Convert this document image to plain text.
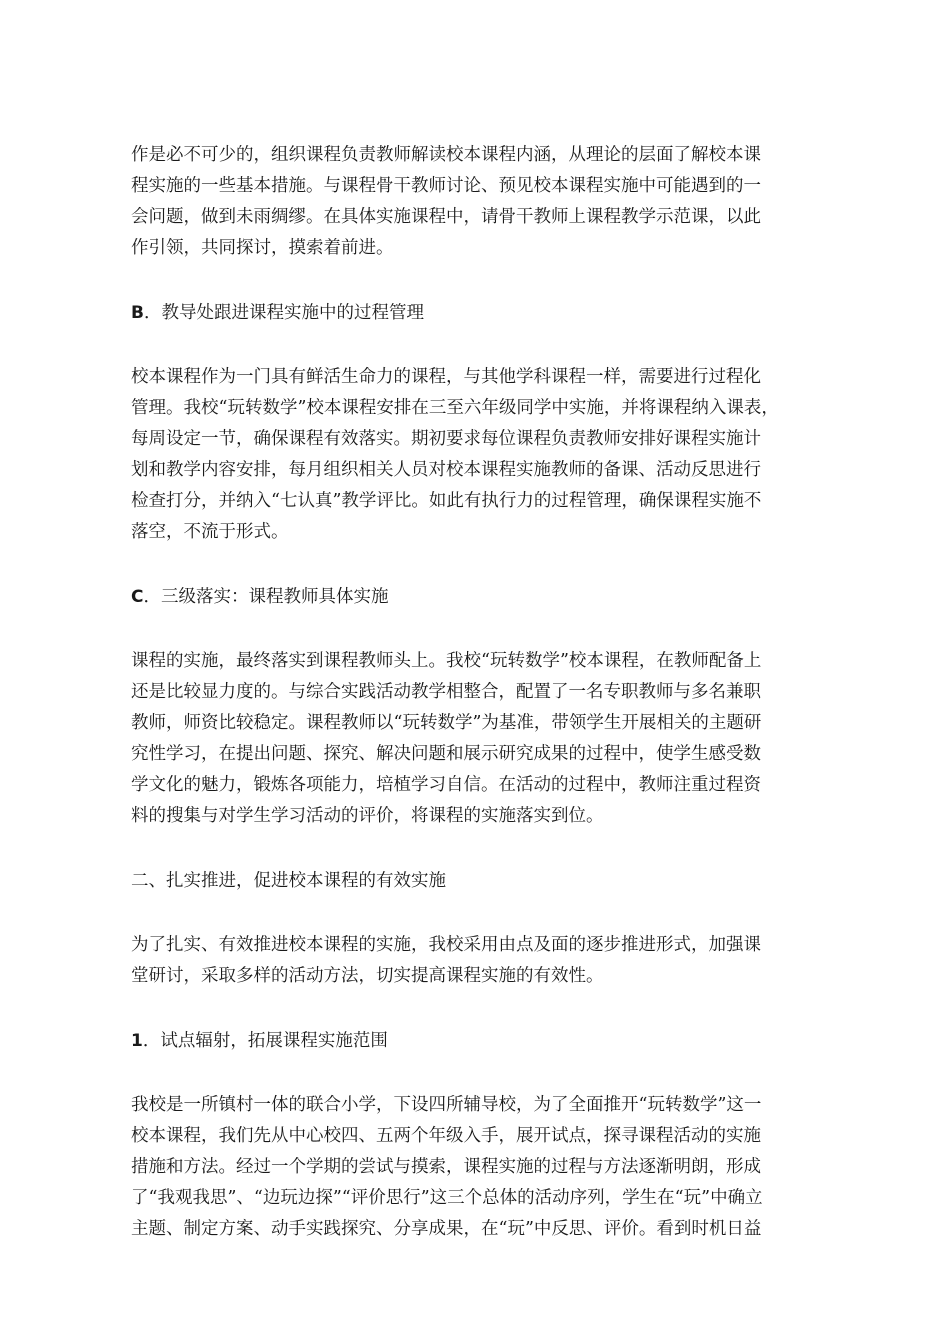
作是必不可少的，组织课程负责教师解读校本课程内涵，从理论的层面了解校本课
程实施的一些基本措施。与课程骨干教师讨论、预见校本课程实施中可能遇到的一
会问题，做到未雨绸缪。在具体实施课程中，请骨干教师上课程教学示范课，以此
作引领，共同探讨，摸索着前进。

B．教导处跟进课程实施中的过程管理

校本课程作为一门具有鲜活生命力的课程，与其他学科课程一样，需要进行过程化
管理。我校“玩转数学”校本课程安排在三至六年级同学中实施，并将课程纳入课表，
每周设定一节，确保课程有效落实。期初要求每位课程负责教师安排好课程实施计
划和教学内容安排，每月组织相关人员对校本课程实施教师的备课、活动反思进行
检查打分，并纳入“七认真”教学评比。如此有执行力的过程管理，确保课程实施不
落空，不流于形式。

C．三级落实：课程教师具体实施

课程的实施，最终落实到课程教师头上。我校“玩转数学”校本课程，在教师配备上
还是比较显力度的。与综合实践活动教学相整合，配置了一名专职教师与多名兼职
教师，师资比较稳定。课程教师以“玩转数学”为基准，带领学生开展相关的主题研
究性学习，在提出问题、探究、解决问题和展示研究成果的过程中，使学生感受数
学文化的魅力，锻炼各项能力，培植学习自信。在活动的过程中，教师注重过程资
料的搜集与对学生学习活动的评价，将课程的实施落实到位。

二、扎实推进，促进校本课程的有效实施

为了扎实、有效推进校本课程的实施，我校采用由点及面的逐步推进形式，加强课
堂研讨，采取多样的活动方法，切实提高课程实施的有效性。

1．试点辐射，拓展课程实施范围

我校是一所镇村一体的联合小学，下设四所辅导校，为了全面推开“玩转数学”这一
校本课程，我们先从中心校四、五两个年级入手，展开试点，探寻课程活动的实施
措施和方法。经过一个学期的尝试与摸索，课程实施的过程与方法逐渐明朗，形成
了“我观我思”、“边玩边探”“评价思行”这三个总体的活动序列，学生在“玩”中确立
主题、制定方案、动手实践探究、分享成果，在“玩”中反思、评价。看到时机日益
